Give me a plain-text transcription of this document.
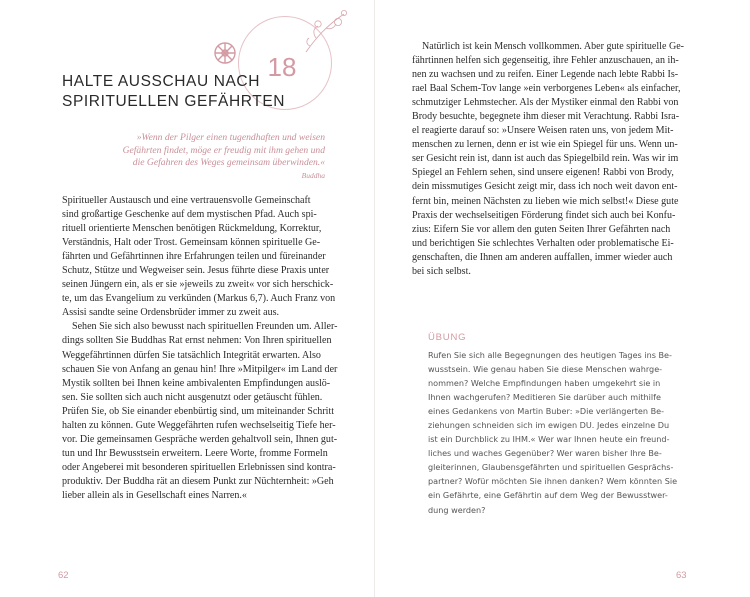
18
HALTE AUSSCHAU NACH
SPIRITUELLEN GEFÄHRTEN
»Wenn der Pilger einen tugendhaften und weisen
Gefährten findet, möge er freudig mit ihm gehen und
die Gefahren des Weges gemeinsam überwinden.«
Buddha
Spiritueller Austausch und eine vertrauensvolle Gemeinschaft
sind großartige Geschenke auf dem mystischen Pfad. Auch spi-
rituell orientierte Menschen benötigen Rückmeldung, Korrektur,
Verständnis, Halt oder Trost. Gemeinsam können spirituelle Ge-
fährten und Gefährtinnen ihre Erfahrungen teilen und füreinander
Schutz, Stütze und Wegweiser sein. Jesus führte diese Praxis unter
seinen Jüngern ein, als er sie »jeweils zu zweit« vor sich herschick-
te, um das Evangelium zu verkünden (Markus 6,7). Auch Franz von
Assisi sandte seine Ordensbrüder immer zu zweit aus.
Sehen Sie sich also bewusst nach spirituellen Freunden um. Aller-
dings sollten Sie Buddhas Rat ernst nehmen: Von Ihren spirituellen
Weggefährtinnen dürfen Sie tatsächlich Integrität erwarten. Also
schauen Sie von Anfang an genau hin! Ihre »Mitpilger« im Land der
Mystik sollten bei Ihnen keine ambivalenten Empfindungen auslö-
sen. Sie sollten sich auch nicht ausgenutzt oder getäuscht fühlen.
Prüfen Sie, ob Sie einander ebenbürtig sind, um miteinander Schritt
halten zu können. Gute Weggefährten rufen wechselseitig Tiefe her-
vor. Die gemeinsamen Gespräche werden gehaltvoll sein, Ihnen gut-
tun und Ihr Bewusstsein erweitern. Leere Worte, fromme Formeln
oder Angeberei mit besonderen spirituellen Erlebnissen sind kontra-
produktiv. Der Buddha rät an diesem Punkt zur Nüchternheit: »Geh
lieber allein als in Gesellschaft eines Narren.«
62
Natürlich ist kein Mensch vollkommen. Aber gute spirituelle Ge-
fährtinnen helfen sich gegenseitig, ihre Fehler anzuschauen, an ih-
nen zu wachsen und zu reifen. Einer Legende nach lebte Rabbi Is-
rael Baal Schem-Tov lange »ein verborgenes Leben« als einfacher,
schmutziger Lehmstecher. Als der Mystiker einmal den Rabbi von
Brody besuchte, begegnete ihm dieser mit Verachtung. Rabbi Isra-
el reagierte darauf so: »Unsere Weisen raten uns, von jedem Mit-
menschen zu lernen, denn er ist wie ein Spiegel für uns. Wenn un-
ser Gesicht rein ist, dann ist auch das Spiegelbild rein. Was wir im
Spiegel an Fehlern sehen, sind unsere eigenen! Rabbi von Brody,
dein missmutiges Gesicht zeigt mir, dass ich noch weit davon ent-
fernt bin, meinen Nächsten zu lieben wie mich selbst!« Diese gute
Praxis der wechselseitigen Förderung findet sich auch bei Konfu-
zius: Eifern Sie vor allem den guten Seiten Ihrer Gefährten nach
und berichtigen Sie schlechtes Verhalten oder problematische Ei-
genschaften, die Ihnen am anderen auffallen, immer wieder auch
bei sich selbst.
ÜBUNG
Rufen Sie sich alle Begegnungen des heutigen Tages ins Be-
wusstsein. Wie genau haben Sie diese Menschen wahrge-
nommen? Welche Empfindungen haben umgekehrt sie in
Ihnen wachgerufen? Meditieren Sie darüber auch mithilfe
eines Gedankens von Martin Buber: »Die verlängerten Be-
ziehungen schneiden sich im ewigen DU. Jedes einzelne Du
ist ein Durchblick zu IHM.« Wer war Ihnen heute ein freund-
liches und waches Gegenüber? Wer waren bisher Ihre Be-
gleiterinnen, Glaubensgefährten und spirituellen Gesprächs-
partner? Wofür möchten Sie ihnen danken? Wem könnten Sie
ein Gefährte, eine Gefährtin auf dem Weg der Bewusstwer-
dung werden?
63
